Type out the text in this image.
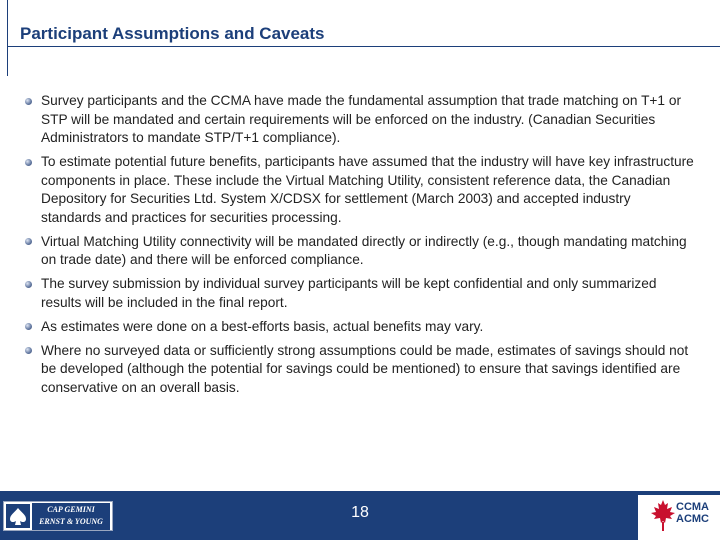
Participant Assumptions and Caveats
Survey participants and the CCMA have made the fundamental assumption that trade matching on T+1 or STP will be mandated and certain requirements will be enforced on the industry. (Canadian Securities Administrators to mandate STP/T+1 compliance).
To estimate potential future benefits, participants have assumed that the industry will have key infrastructure components in place. These include the Virtual Matching Utility, consistent reference data, the Canadian Depository for Securities Ltd. System X/CDSX for settlement (March 2003) and accepted industry standards and practices for securities processing.
Virtual Matching Utility connectivity will be mandated directly or indirectly (e.g., though mandating matching on trade date) and there will be enforced compliance.
The survey submission by individual survey participants will be kept confidential and only summarized results will be included in the final report.
As estimates were done on a best-efforts basis, actual benefits may vary.
Where no surveyed data or sufficiently strong assumptions could be made, estimates of savings should not be developed (although the potential for savings could be mentioned) to ensure that savings identified are conservative on an overall basis.
CAP GEMINI
ERNST & YOUNG
18	CCMA
ACMC
